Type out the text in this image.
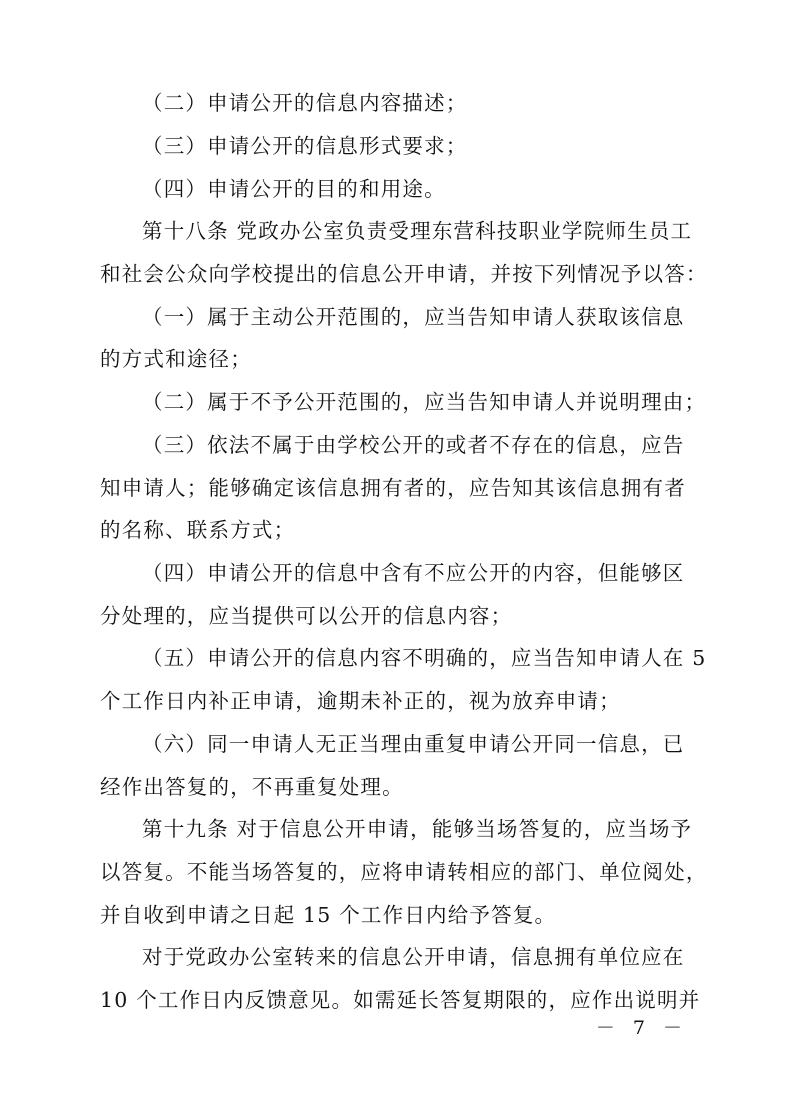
（二）申请公开的信息内容描述；
（三）申请公开的信息形式要求；
（四）申请公开的目的和用途。
第十八条 党政办公室负责受理东营科技职业学院师生员工
和社会公众向学校提出的信息公开申请，并按下列情况予以答：
（一）属于主动公开范围的，应当告知申请人获取该信息
的方式和途径；
（二）属于不予公开范围的，应当告知申请人并说明理由；
（三）依法不属于由学校公开的或者不存在的信息，应告
知申请人；能够确定该信息拥有者的，应告知其该信息拥有者
的名称、联系方式；
（四）申请公开的信息中含有不应公开的内容，但能够区
分处理的，应当提供可以公开的信息内容；
（五）申请公开的信息内容不明确的，应当告知申请人在 5
个工作日内补正申请，逾期未补正的，视为放弃申请；
（六）同一申请人无正当理由重复申请公开同一信息，已
经作出答复的，不再重复处理。
第十九条 对于信息公开申请，能够当场答复的，应当场予
以答复。不能当场答复的，应将申请转相应的部门、单位阅处，
并自收到申请之日起 15 个工作日内给予答复。
对于党政办公室转来的信息公开申请，信息拥有单位应在
10 个工作日内反馈意见。如需延长答复期限的，应作出说明并
－ 7 －
